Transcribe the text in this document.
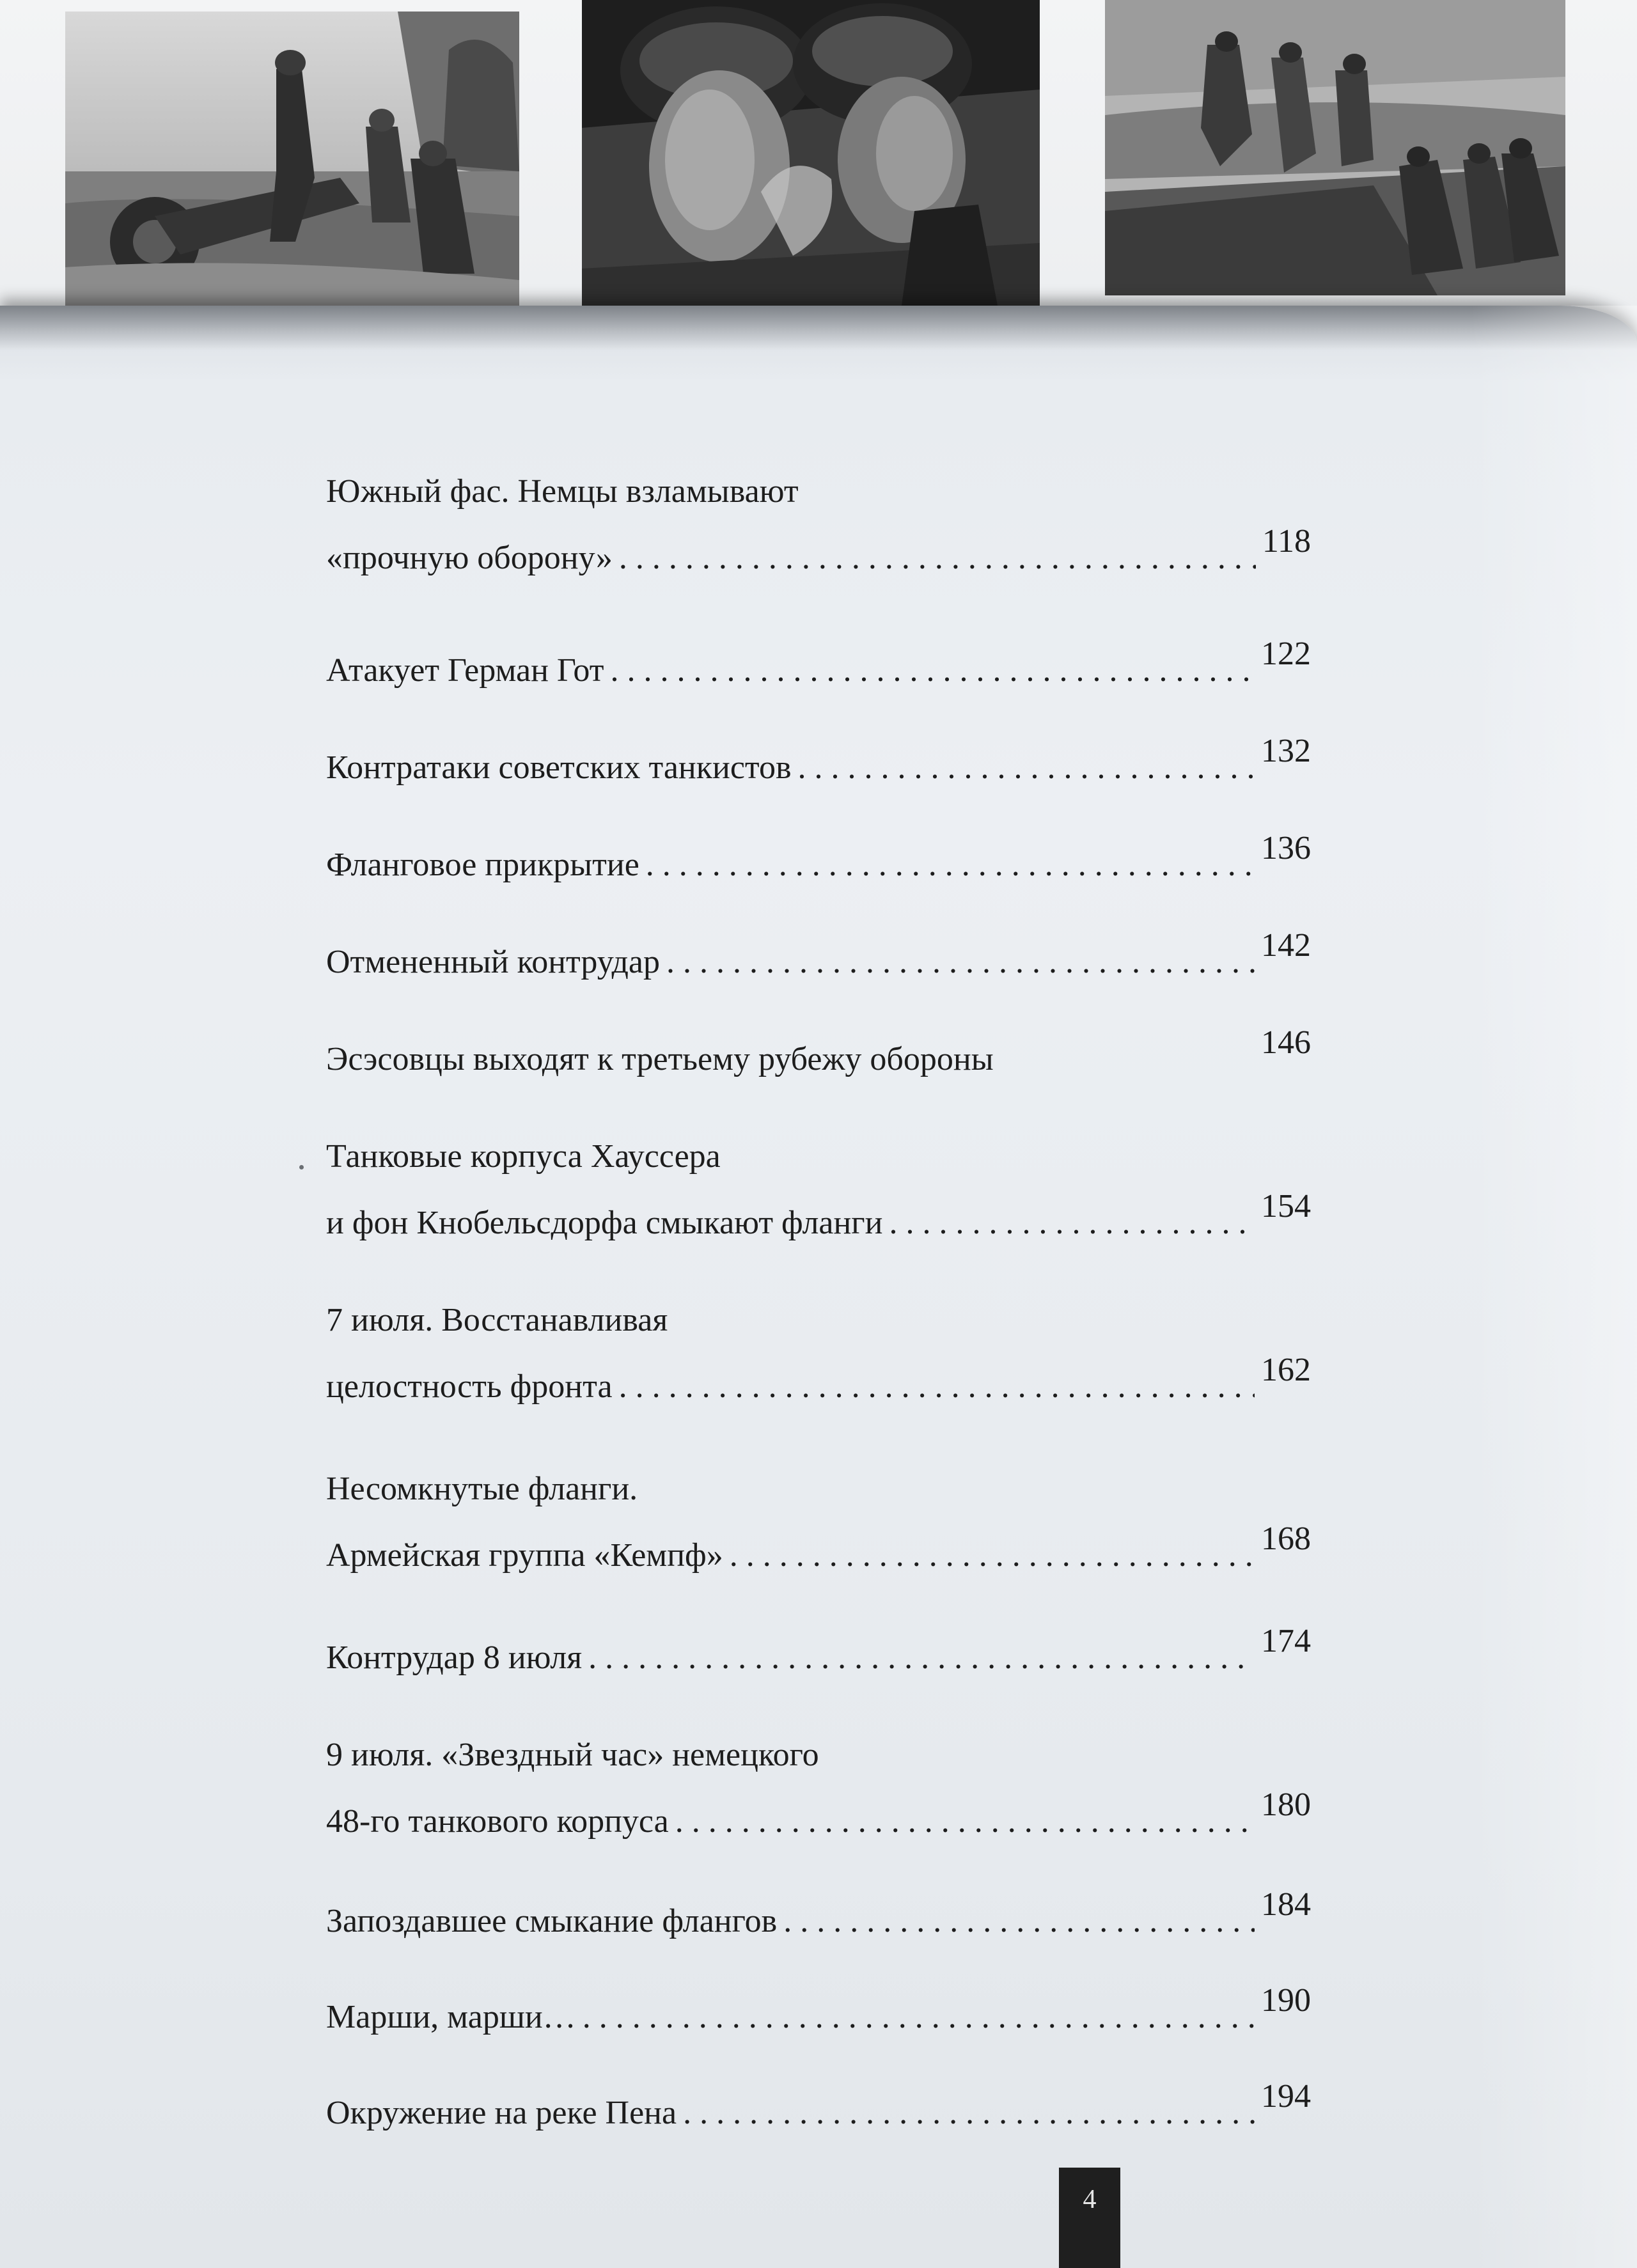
Южный фас. Немцы взламывают
«прочную оборону» . . .	118
Атакует Герман Гот . . .	122
Контратаки советских танкистов . . .	132
Фланговое прикрытие . . .	136
Отмененный контрудар . . .	142
Эсэсовцы выходят к третьему рубежу обороны	146
Танковые корпуса Хауссера
и фон Кнобельсдорфа смыкают фланги . . .	154
7 июля. Восстанавливая
целостность фронта . . .	162
Несомкнутые фланги.
Армейская группа «Кемпф» . . .	168
Контрудар 8 июля . . .	174
9 июля. «Звездный час» немецкого
48-го танкового корпуса . . .	180
Запоздавшее смыкание флангов . . .	184
Марши, марши… . . .	190
Окружение на реке Пена . . .	194
4
